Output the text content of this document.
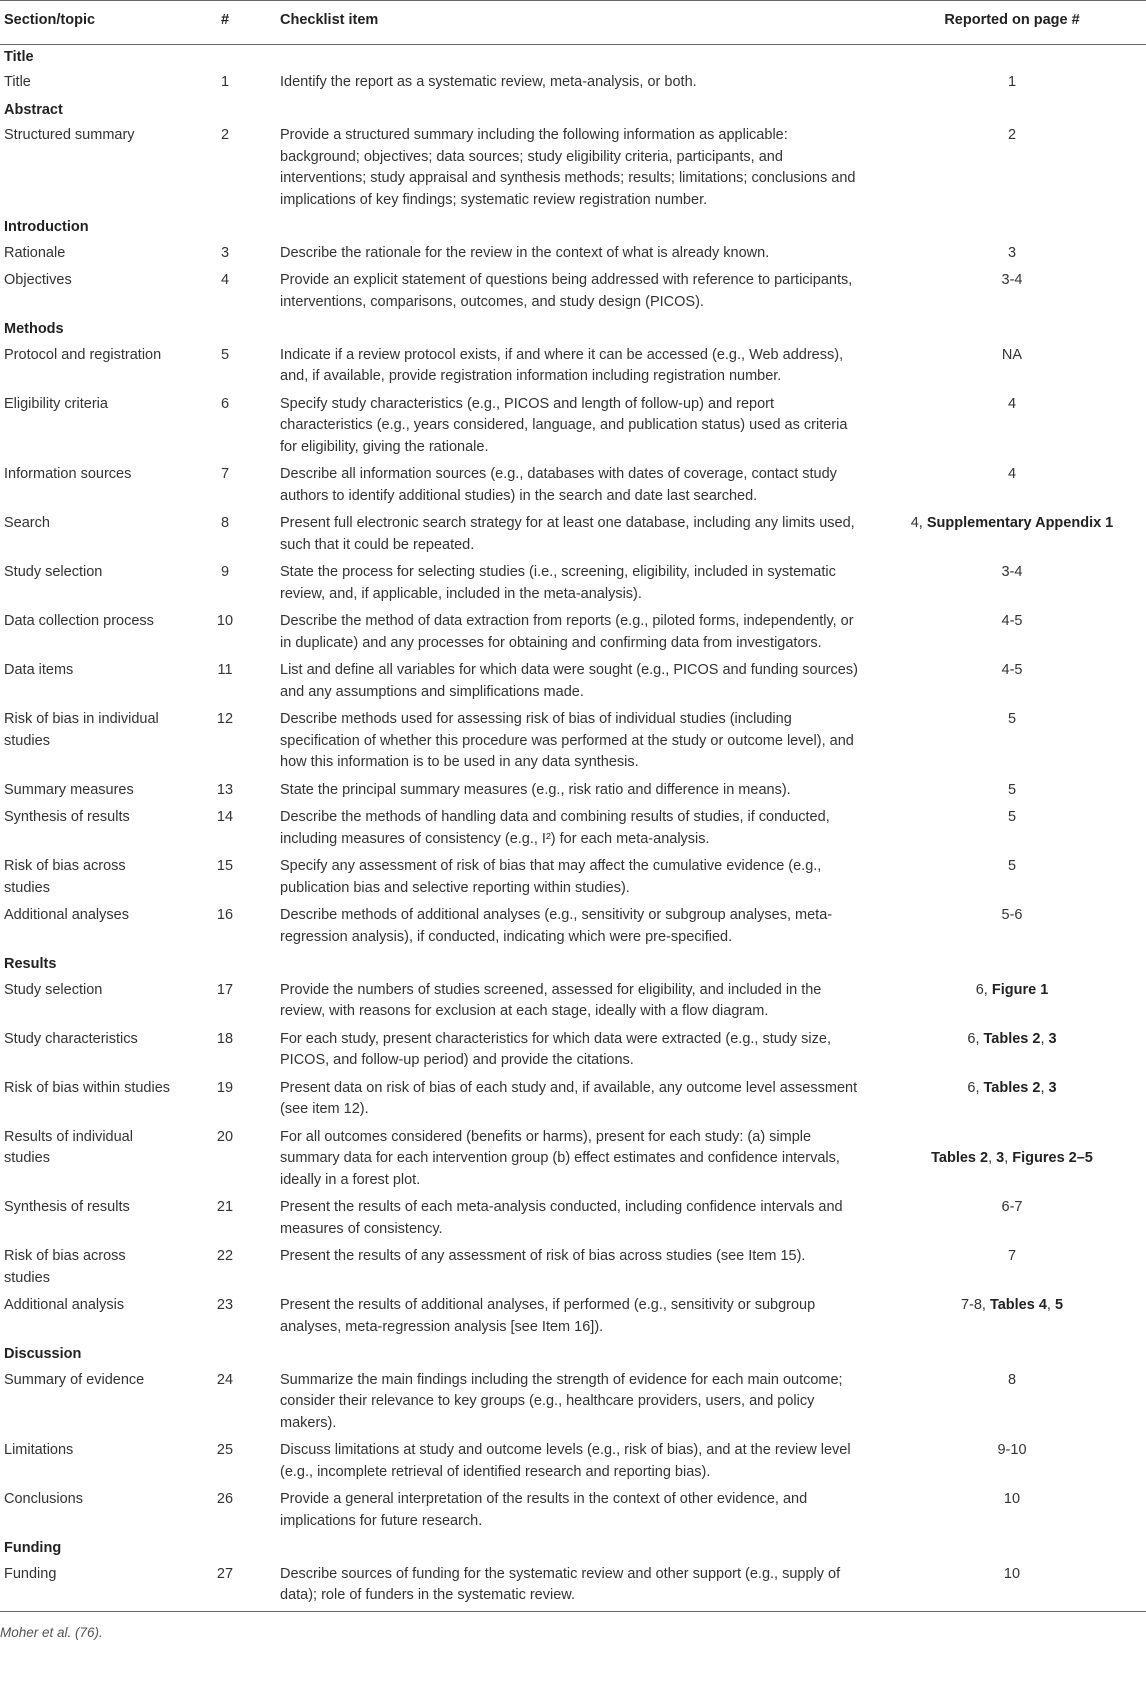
Section/topic	#	Checklist item	Reported on page #
Title			
Title	1	Identify the report as a systematic review, meta-analysis, or both.	1
Abstract			
Structured summary	2	Provide a structured summary including the following information as applicable: background; objectives; data sources; study eligibility criteria, participants, and interventions; study appraisal and synthesis methods; results; limitations; conclusions and implications of key findings; systematic review registration number.	2
Introduction			
Rationale	3	Describe the rationale for the review in the context of what is already known.	3
Objectives	4	Provide an explicit statement of questions being addressed with reference to participants, interventions, comparisons, outcomes, and study design (PICOS).	3-4
Methods			
Protocol and registration	5	Indicate if a review protocol exists, if and where it can be accessed (e.g., Web address), and, if available, provide registration information including registration number.	NA
Eligibility criteria	6	Specify study characteristics (e.g., PICOS and length of follow-up) and report characteristics (e.g., years considered, language, and publication status) used as criteria for eligibility, giving the rationale.	4
Information sources	7	Describe all information sources (e.g., databases with dates of coverage, contact study authors to identify additional studies) in the search and date last searched.	4
Search	8	Present full electronic search strategy for at least one database, including any limits used, such that it could be repeated.	4, Supplementary Appendix 1
Study selection	9	State the process for selecting studies (i.e., screening, eligibility, included in systematic review, and, if applicable, included in the meta-analysis).	3-4
Data collection process	10	Describe the method of data extraction from reports (e.g., piloted forms, independently, or in duplicate) and any processes for obtaining and confirming data from investigators.	4-5
Data items	11	List and define all variables for which data were sought (e.g., PICOS and funding sources) and any assumptions and simplifications made.	4-5
Risk of bias in individual studies	12	Describe methods used for assessing risk of bias of individual studies (including specification of whether this procedure was performed at the study or outcome level), and how this information is to be used in any data synthesis.	5
Summary measures	13	State the principal summary measures (e.g., risk ratio and difference in means).	5
Synthesis of results	14	Describe the methods of handling data and combining results of studies, if conducted, including measures of consistency (e.g., I²) for each meta-analysis.	5
Risk of bias across studies	15	Specify any assessment of risk of bias that may affect the cumulative evidence (e.g., publication bias and selective reporting within studies).	5
Additional analyses	16	Describe methods of additional analyses (e.g., sensitivity or subgroup analyses, meta-regression analysis), if conducted, indicating which were pre-specified.	5-6
Results			
Study selection	17	Provide the numbers of studies screened, assessed for eligibility, and included in the review, with reasons for exclusion at each stage, ideally with a flow diagram.	6, Figure 1
Study characteristics	18	For each study, present characteristics for which data were extracted (e.g., study size, PICOS, and follow-up period) and provide the citations.	6, Tables 2, 3
Risk of bias within studies	19	Present data on risk of bias of each study and, if available, any outcome level assessment (see item 12).	6, Tables 2, 3
Results of individual studies	20	For all outcomes considered (benefits or harms), present for each study: (a) simple summary data for each intervention group (b) effect estimates and confidence intervals, ideally in a forest plot.	Tables 2, 3, Figures 2–5
Synthesis of results	21	Present the results of each meta-analysis conducted, including confidence intervals and measures of consistency.	6-7
Risk of bias across studies	22	Present the results of any assessment of risk of bias across studies (see Item 15).	7
Additional analysis	23	Present the results of additional analyses, if performed (e.g., sensitivity or subgroup analyses, meta-regression analysis [see Item 16]).	7-8, Tables 4, 5
Discussion			
Summary of evidence	24	Summarize the main findings including the strength of evidence for each main outcome; consider their relevance to key groups (e.g., healthcare providers, users, and policy makers).	8
Limitations	25	Discuss limitations at study and outcome levels (e.g., risk of bias), and at the review level (e.g., incomplete retrieval of identified research and reporting bias).	9-10
Conclusions	26	Provide a general interpretation of the results in the context of other evidence, and implications for future research.	10
Funding			
Funding	27	Describe sources of funding for the systematic review and other support (e.g., supply of data); role of funders in the systematic review.	10
Moher et al. (76).			
